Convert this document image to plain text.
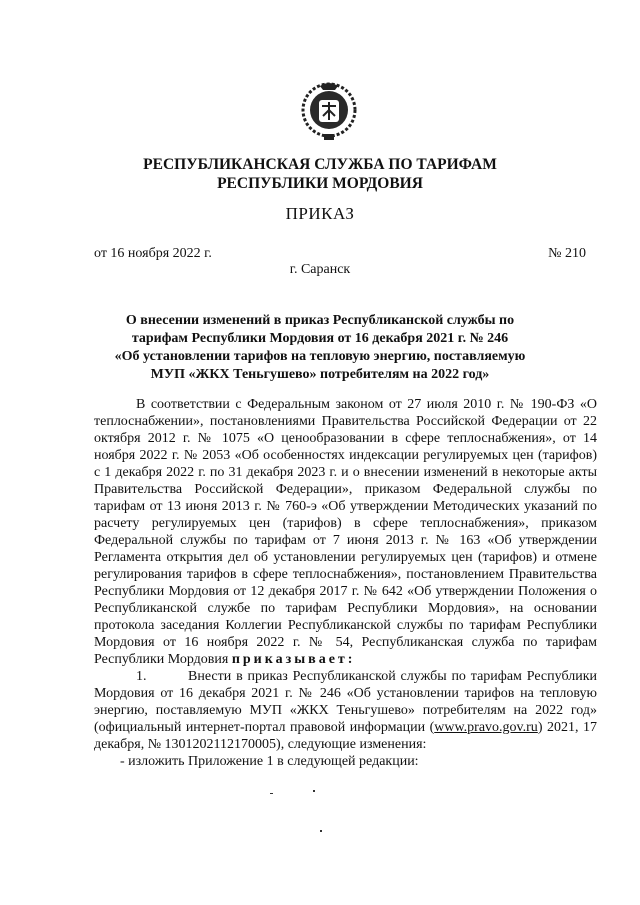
РЕСПУБЛИКАНСКАЯ СЛУЖБА ПО ТАРИФАМ
РЕСПУБЛИКИ МОРДОВИЯ
ПРИКАЗ
от 16 ноября 2022 г.	№ 210
г. Саранск
О внесении изменений в приказ Республиканской службы по
тарифам Республики Мордовия от 16 декабря 2021 г. № 246
«Об установлении тарифов на тепловую энергию, поставляемую
МУП «ЖКХ Теньгушево» потребителям на 2022 год»

В соответствии с Федеральным законом от 27 июля 2010 г. № 190-ФЗ «О теплоснабжении», постановлениями Правительства Российской Федерации от 22 октября 2012 г. № 1075 «О ценообразовании в сфере теплоснабжения», от 14 ноября 2022 г. № 2053 «Об особенностях индексации регулируемых цен (тарифов) с 1 декабря 2022 г. по 31 декабря 2023 г. и о внесении изменений в некоторые акты Правительства Российской Федерации», приказом Федеральной службы по тарифам от 13 июня 2013 г. № 760-э «Об утверждении Методических указаний по расчету регулируемых цен (тарифов) в сфере теплоснабжения», приказом Федеральной службы по тарифам от 7 июня 2013 г. № 163 «Об утверждении Регламента открытия дел об установлении регулируемых цен (тарифов) и отмене регулирования тарифов в сфере теплоснабжения», постановлением Правительства Республики Мордовия от 12 декабря 2017 г. № 642 «Об утверждении Положения о Республиканской службе по тарифам Республики Мордовия», на основании протокола заседания Коллегии Республиканской службы по тарифам Республики Мордовия от 16 ноября 2022 г. № 54, Республиканская служба по тарифам Республики Мордовия приказывает:

1.	Внести в приказ Республиканской службы по тарифам Республики Мордовия от 16 декабря 2021 г. № 246 «Об установлении тарифов на тепловую энергию, поставляемую МУП «ЖКХ Теньгушево» потребителям на 2022 год» (официальный интернет-портал правовой информации (www.pravo.gov.ru) 2021, 17 декабря, № 1301202112170005), следующие изменения:

- изложить Приложение 1 в следующей редакции:
